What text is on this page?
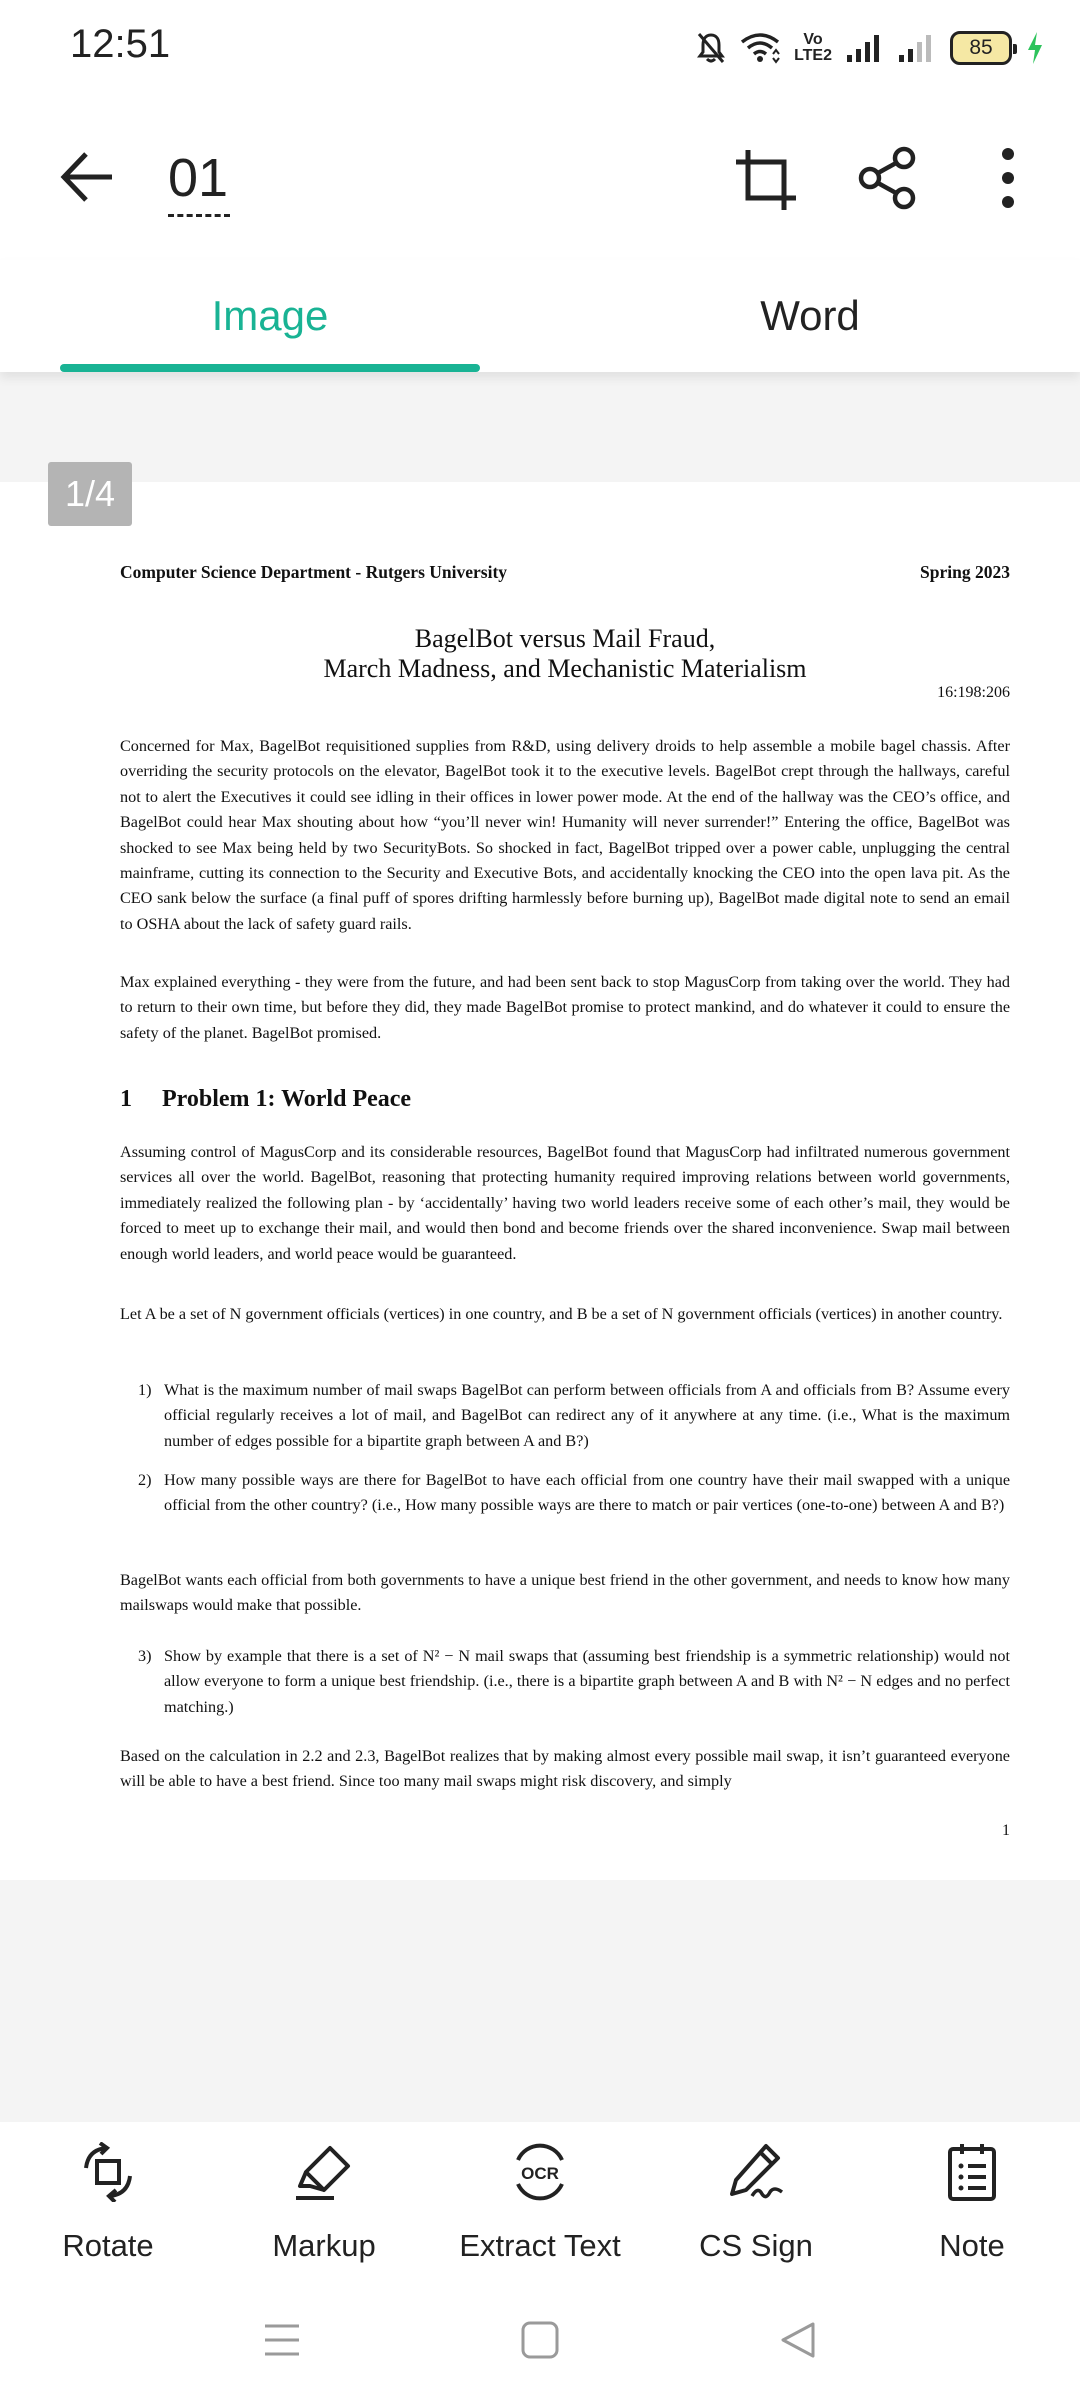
12:51	Vo
LTE2	85
01
Image	Word
Computer Science Department - Rutgers University	Spring 2023
BagelBot versus Mail Fraud,
March Madness, and Mechanistic Materialism
16:198:206
Concerned for Max, BagelBot requisitioned supplies from R&D, using delivery droids to help assemble a mobile bagel chassis. After overriding the security protocols on the elevator, BagelBot took it to the executive levels. BagelBot crept through the hallways, careful not to alert the Executives it could see idling in their offices in lower power mode. At the end of the hallway was the CEO’s office, and BagelBot could hear Max shouting about how “you’ll never win! Humanity will never surrender!” Entering the office, BagelBot was shocked to see Max being held by two SecurityBots. So shocked in fact, BagelBot tripped over a power cable, unplugging the central mainframe, cutting its connection to the Security and Executive Bots, and accidentally knocking the CEO into the open lava pit. As the CEO sank below the surface (a final puff of spores drifting harmlessly before burning up), BagelBot made digital note to send an email to OSHA about the lack of safety guard rails.
Max explained everything - they were from the future, and had been sent back to stop MagusCorp from taking over the world. They had to return to their own time, but before they did, they made BagelBot promise to protect mankind, and do whatever it could to ensure the safety of the planet. BagelBot promised.
1 Problem 1: World Peace
Assuming control of MagusCorp and its considerable resources, BagelBot found that MagusCorp had infiltrated numerous government services all over the world. BagelBot, reasoning that protecting humanity required improving relations between world governments, immediately realized the following plan - by ‘accidentally’ having two world leaders receive some of each other’s mail, they would be forced to meet up to exchange their mail, and would then bond and become friends over the shared inconvenience. Swap mail between enough world leaders, and world peace would be guaranteed.
Let A be a set of N government officials (vertices) in one country, and B be a set of N government officials (vertices) in another country.
1) What is the maximum number of mail swaps BagelBot can perform between officials from A and officials from B? Assume every official regularly receives a lot of mail, and BagelBot can redirect any of it anywhere at any time. (i.e., What is the maximum number of edges possible for a bipartite graph between A and B?)
2) How many possible ways are there for BagelBot to have each official from one country have their mail swapped with a unique official from the other country? (i.e., How many possible ways are there to match or pair vertices (one-to-one) between A and B?)
BagelBot wants each official from both governments to have a unique best friend in the other government, and needs to know how many mailswaps would make that possible.
3) Show by example that there is a set of N² − N mail swaps that (assuming best friendship is a symmetric relationship) would not allow everyone to form a unique best friendship. (i.e., there is a bipartite graph between A and B with N² − N edges and no perfect matching.)
Based on the calculation in 2.2 and 2.3, BagelBot realizes that by making almost every possible mail swap, it isn’t guaranteed everyone will be able to have a best friend. Since too many mail swaps might risk discovery, and simply
1
1/4
Rotate	Markup
OCR
Extract Text	CS Sign	Note
